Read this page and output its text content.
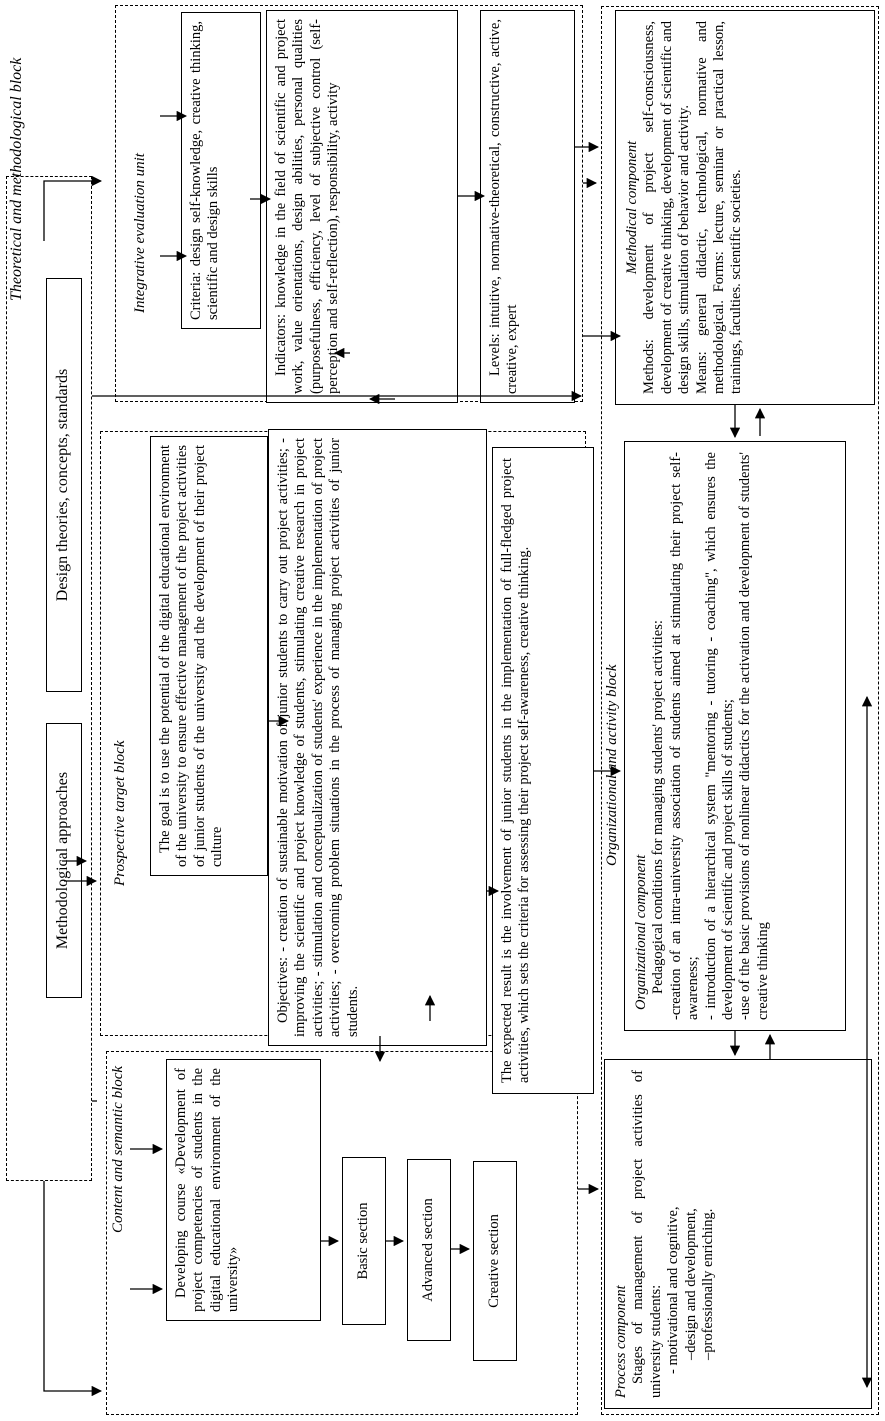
Theoretical and methodological block	Integrative evaluation unit
Prospective target block
Content and semantic block
Organizational and activity block
Methodological approaches
Design theories, concepts, standards
Criteria: design self-knowledge, creative thinking, scientific and design skills	Indicators: knowledge in the field of scientific and project work, value orientations, design abilities, personal qualities (purposefulness, efficiency, level of subjective control (self-perception and self-reflection), responsibility, activity	Levels: intuitive, normative-theoretical, constructive, active, creative, expert
The goal is to use the potential of the digital educational environment of the university to ensure effective management of the project activities of junior students of the university and the development of their project culture	Objectives: - creation of sustainable motivation of junior students to carry out project activities; - improving the scientific and project knowledge of students, stimulating creative research in project activities; - stimulation and conceptualization of students' experience in the implementation of project activities; - overcoming problem situations in the process of managing project activities of junior students.	The expected result is the involvement of junior students in the implementation of full-fledged project activities, which sets the criteria for assessing their project self-awareness, creative thinking.
Developing course «Development of project competencies of students in the digital educational environment of the university»	Basic section	Advanced section	Creative section
Methodical component Methods: development of project self-consciousness, development of creative thinking, development of scientific and design skills, stimulation of behavior and activity. Means: general didactic, technological, normative and methodological. Forms: lecture, seminar or practical lesson, trainings, faculties. scientific societies.
Organizational component Pedagogical conditions for managing students' project activities: -creation of an intra-university association of students aimed at stimulating their project self-awareness; - introduction of a hierarchical system "mentoring - tutoring - coaching", which ensures the development of scientific and project skills of students; -use of the basic provisions of nonlinear didactics for the activation and development of students' creative thinking
Process component Stages of management of project activities of university students: - motivational and cognitive, –design and development, –professionally enriching.
